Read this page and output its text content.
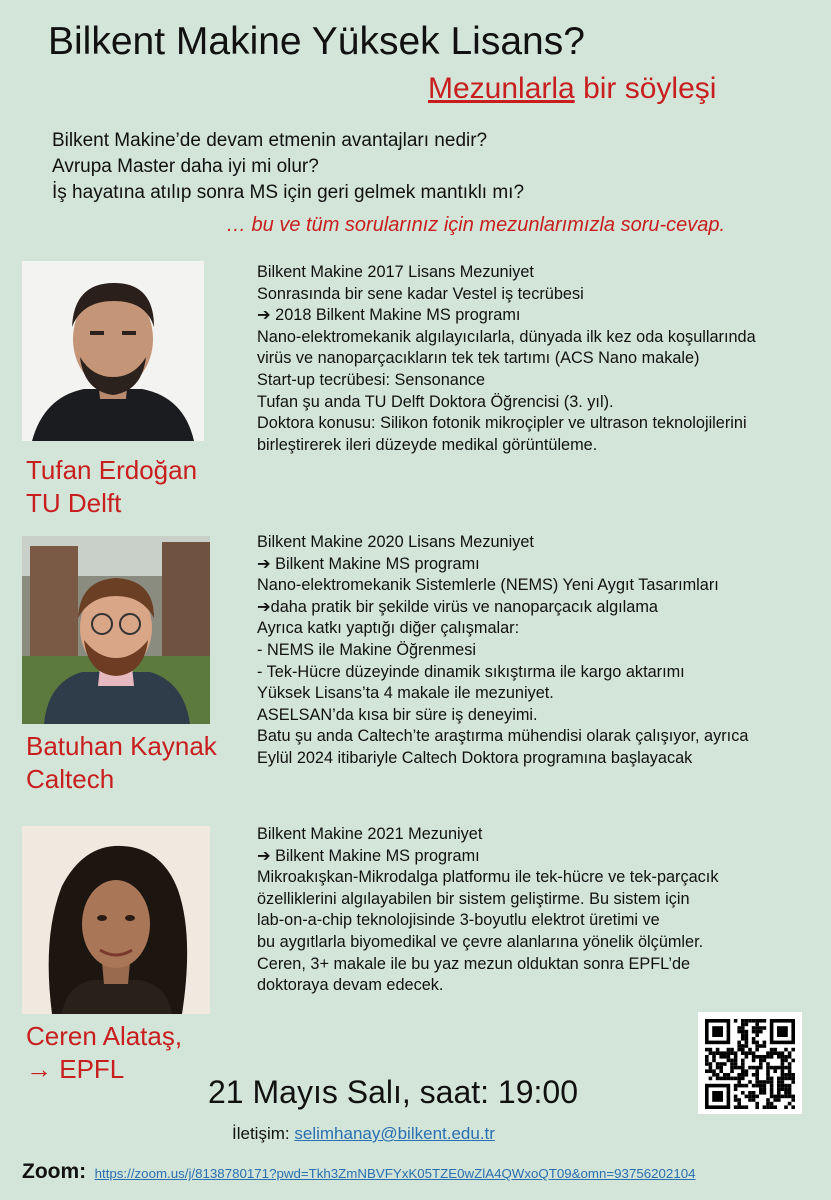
Bilkent Makine Yüksek Lisans?
Mezunlarla bir söyleşi
Bilkent Makine’de devam etmenin avantajları nedir?
Avrupa Master daha iyi mi olur?
İş hayatına atılıp sonra MS için geri gelmek mantıklı mı?
… bu ve tüm sorularınız için mezunlarımızla soru-cevap.
Tufan Erdoğan
TU Delft
Bilkent Makine 2017 Lisans Mezuniyet
Sonrasında bir sene kadar Vestel iş tecrübesi
➔ 2018 Bilkent Makine MS programı
Nano-elektromekanik algılayıcılarla, dünyada ilk kez oda koşullarında
virüs ve nanoparçacıkların tek tek tartımı (ACS Nano makale)
Start-up tecrübesi: Sensonance
Tufan şu anda TU Delft Doktora Öğrencisi (3. yıl).
Doktora konusu: Silikon fotonik mikroçipler ve ultrason teknolojilerini
birleştirerek ileri düzeyde medikal görüntüleme.
Batuhan Kaynak
Caltech
Bilkent Makine 2020 Lisans Mezuniyet
➔ Bilkent Makine MS programı
Nano-elektromekanik Sistemlerle (NEMS) Yeni Aygıt Tasarımları
➔daha pratik bir şekilde virüs ve nanoparçacık algılama
Ayrıca katkı yaptığı diğer çalışmalar:
- NEMS ile Makine Öğrenmesi
- Tek-Hücre düzeyinde dinamik sıkıştırma ile kargo aktarımı
Yüksek Lisans’ta 4 makale ile mezuniyet.
ASELSAN’da kısa bir süre iş deneyimi.
Batu şu anda Caltech’te araştırma mühendisi olarak çalışıyor, ayrıca
Eylül 2024 itibariyle Caltech Doktora programına başlayacak
Ceren Alataş,
→ EPFL
Bilkent Makine 2021 Mezuniyet
➔ Bilkent Makine MS programı
Mikroakışkan-Mikrodalga platformu ile tek-hücre ve tek-parçacık
özelliklerini algılayabilen bir sistem geliştirme. Bu sistem için
lab-on-a-chip teknolojisinde 3-boyutlu elektrot üretimi ve
bu aygıtlarla biyomedikal ve çevre alanlarına yönelik ölçümler.
Ceren, 3+ makale ile bu yaz mezun olduktan sonra EPFL’de
doktoraya devam edecek.
21 Mayıs Salı, saat: 19:00
İletişim: selimhanay@bilkent.edu.tr
Zoom: https://zoom.us/j/8138780171?pwd=Tkh3ZmNBVFYxK05TZE0wZlA4QWxoQT09&omn=93756202104
